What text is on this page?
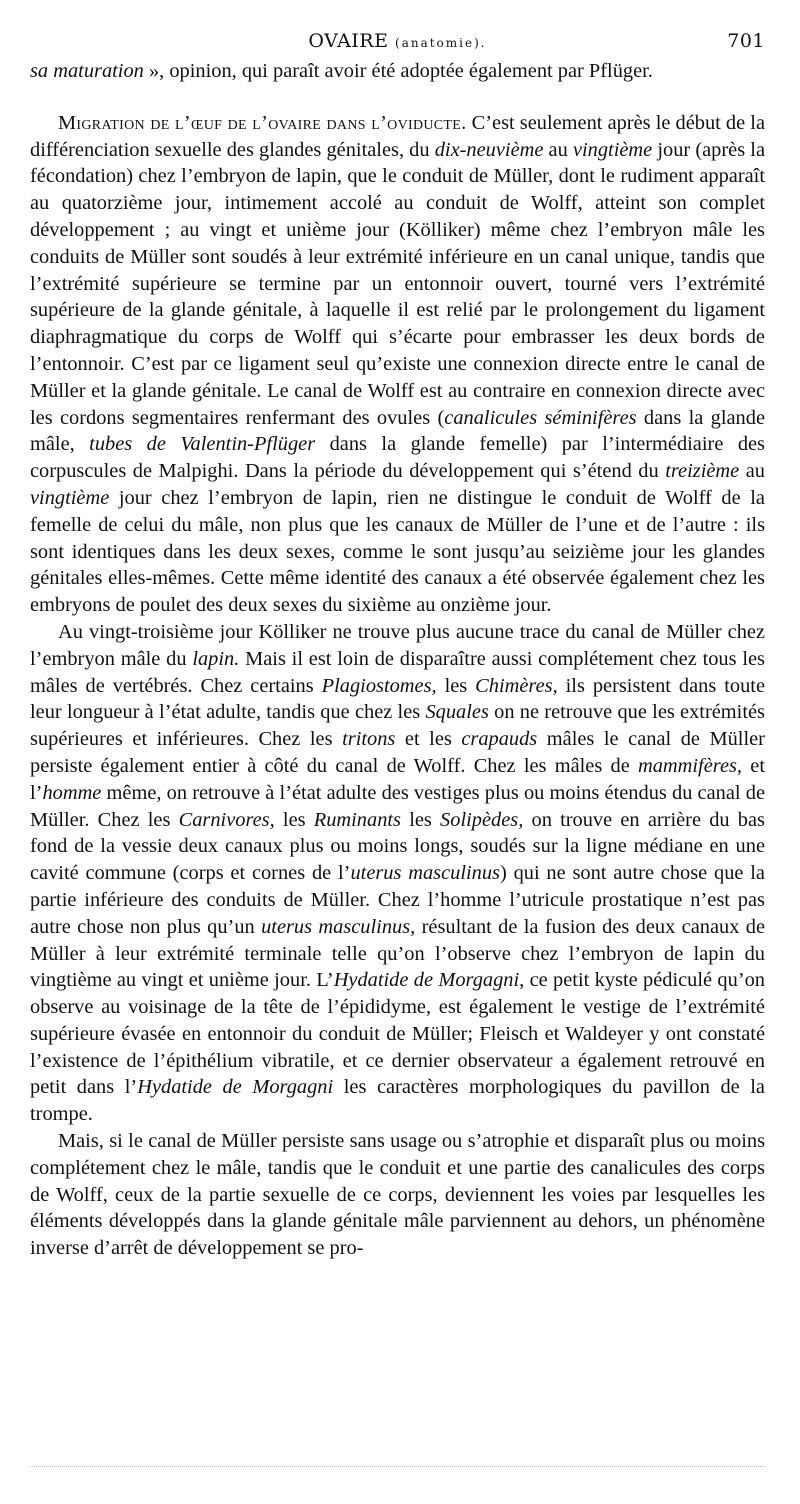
OVAIRE (anatomie).	701

sa maturation », opinion, qui paraît avoir été adoptée également par Pflüger.

Migration de l’œuf de l’ovaire dans l’oviducte. C’est seulement après le début de la différenciation sexuelle des glandes génitales, du dix-neuvième au vingtième jour (après la fécondation) chez l’embryon de lapin, que le conduit de Müller, dont le rudiment apparaît au quatorzième jour, intimement accolé au conduit de Wolff, atteint son complet développement ; au vingt et unième jour (Kölliker) même chez l’embryon mâle les conduits de Müller sont soudés à leur extrémité inférieure en un canal unique, tandis que l’extrémité supérieure se termine par un entonnoir ouvert, tourné vers l’extrémité supérieure de la glande génitale, à laquelle il est relié par le prolongement du ligament diaphragmatique du corps de Wolff qui s’écarte pour embrasser les deux bords de l’entonnoir. C’est par ce ligament seul qu’existe une connexion directe entre le canal de Müller et la glande génitale. Le canal de Wolff est au contraire en connexion directe avec les cordons segmentaires renfermant des ovules (canalicules séminifères dans la glande mâle, tubes de Valentin-Pflüger dans la glande femelle) par l’intermédiaire des corpuscules de Malpighi. Dans la période du développement qui s’étend du treizième au vingtième jour chez l’embryon de lapin, rien ne distingue le conduit de Wolff de la femelle de celui du mâle, non plus que les canaux de Müller de l’une et de l’autre : ils sont identiques dans les deux sexes, comme le sont jusqu’au seizième jour les glandes génitales elles-mêmes. Cette même identité des canaux a été observée également chez les embryons de poulet des deux sexes du sixième au onzième jour.

Au vingt-troisième jour Kölliker ne trouve plus aucune trace du canal de Müller chez l’embryon mâle du lapin. Mais il est loin de disparaître aussi complétement chez tous les mâles de vertébrés. Chez certains Plagiostomes, les Chimères, ils persistent dans toute leur longueur à l’état adulte, tandis que chez les Squales on ne retrouve que les extrémités supérieures et inférieures. Chez les tritons et les crapauds mâles le canal de Müller persiste également entier à côté du canal de Wolff. Chez les mâles de mammifères, et l’homme même, on retrouve à l’état adulte des vestiges plus ou moins étendus du canal de Müller. Chez les Carnivores, les Ruminants les Solipèdes, on trouve en arrière du bas fond de la vessie deux canaux plus ou moins longs, soudés sur la ligne médiane en une cavité commune (corps et cornes de l’uterus masculinus) qui ne sont autre chose que la partie inférieure des conduits de Müller. Chez l’homme l’utricule prostatique n’est pas autre chose non plus qu’un uterus masculinus, résultant de la fusion des deux canaux de Müller à leur extrémité terminale telle qu’on l’observe chez l’embryon de lapin du vingtième au vingt et unième jour. L’Hydatide de Morgagni, ce petit kyste pédiculé qu’on observe au voisinage de la tête de l’épididyme, est également le vestige de l’extrémité supérieure évasée en entonnoir du conduit de Müller; Fleisch et Waldeyer y ont constaté l’existence de l’épithélium vibratile, et ce dernier observateur a également retrouvé en petit dans l’Hydatide de Morgagni les caractères morphologiques du pavillon de la trompe.

Mais, si le canal de Müller persiste sans usage ou s’atrophie et disparaît plus ou moins complétement chez le mâle, tandis que le conduit et une partie des canalicules des corps de Wolff, ceux de la partie sexuelle de ce corps, deviennent les voies par lesquelles les éléments développés dans la glande génitale mâle parviennent au dehors, un phénomène inverse d’arrêt de développement se pro-
